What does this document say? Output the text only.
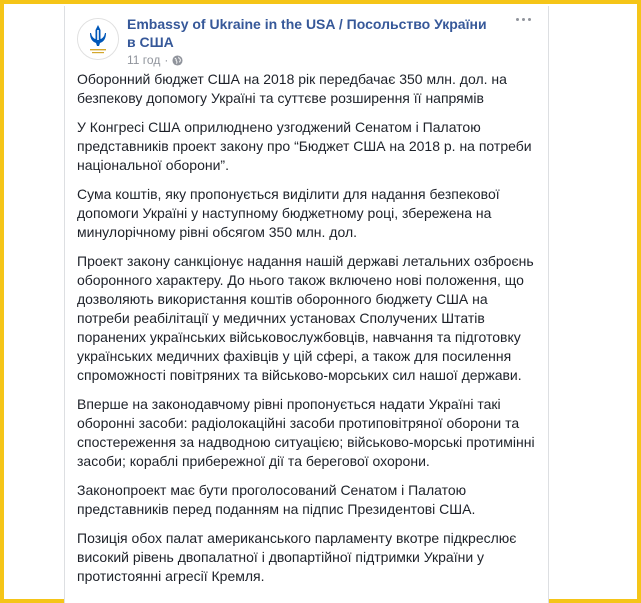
Embassy of Ukraine in the USA / Посольство України в США
11 год ·

Оборонний бюджет США на 2018 рік передбачає 350 млн. дол. на безпекову допомогу Україні та суттєве розширення її напрямів

У Конгресі США оприлюднено узгоджений Сенатом і Палатою представників проект закону про “Бюджет США на 2018 р. на потреби національної оборони”.

Сума коштів, яку пропонується виділити для надання безпекової допомоги Україні у наступному бюджетному році, збережена на минулорічному рівні обсягом 350 млн. дол.

Проект закону санкціонує надання нашій державі летальних озброєнь оборонного характеру. До нього також включено нові положення, що дозволяють використання коштів оборонного бюджету США на потреби реабілітації у медичних установах Сполучених Штатів поранених українських військовослужбовців, навчання та підготовку українських медичних фахівців у цій сфері, а також для посилення спроможності повітряних та військово-морських сил нашої держави.

Вперше на законодавчому рівні пропонується надати Україні такі оборонні засоби: радіолокаційні засоби протиповітряної оборони та спостереження за надводною ситуацією; військово-морські протимінні засоби; кораблі прибережної дії та берегової охорони.

Законопроект має бути проголосований Сенатом і Палатою представників перед поданням на підпис Президентові США.

Позиція обох палат американського парламенту вкотре підкреслює високий рівень двопалатної і двопартійної підтримки України у протистоянні агресії Кремля.
